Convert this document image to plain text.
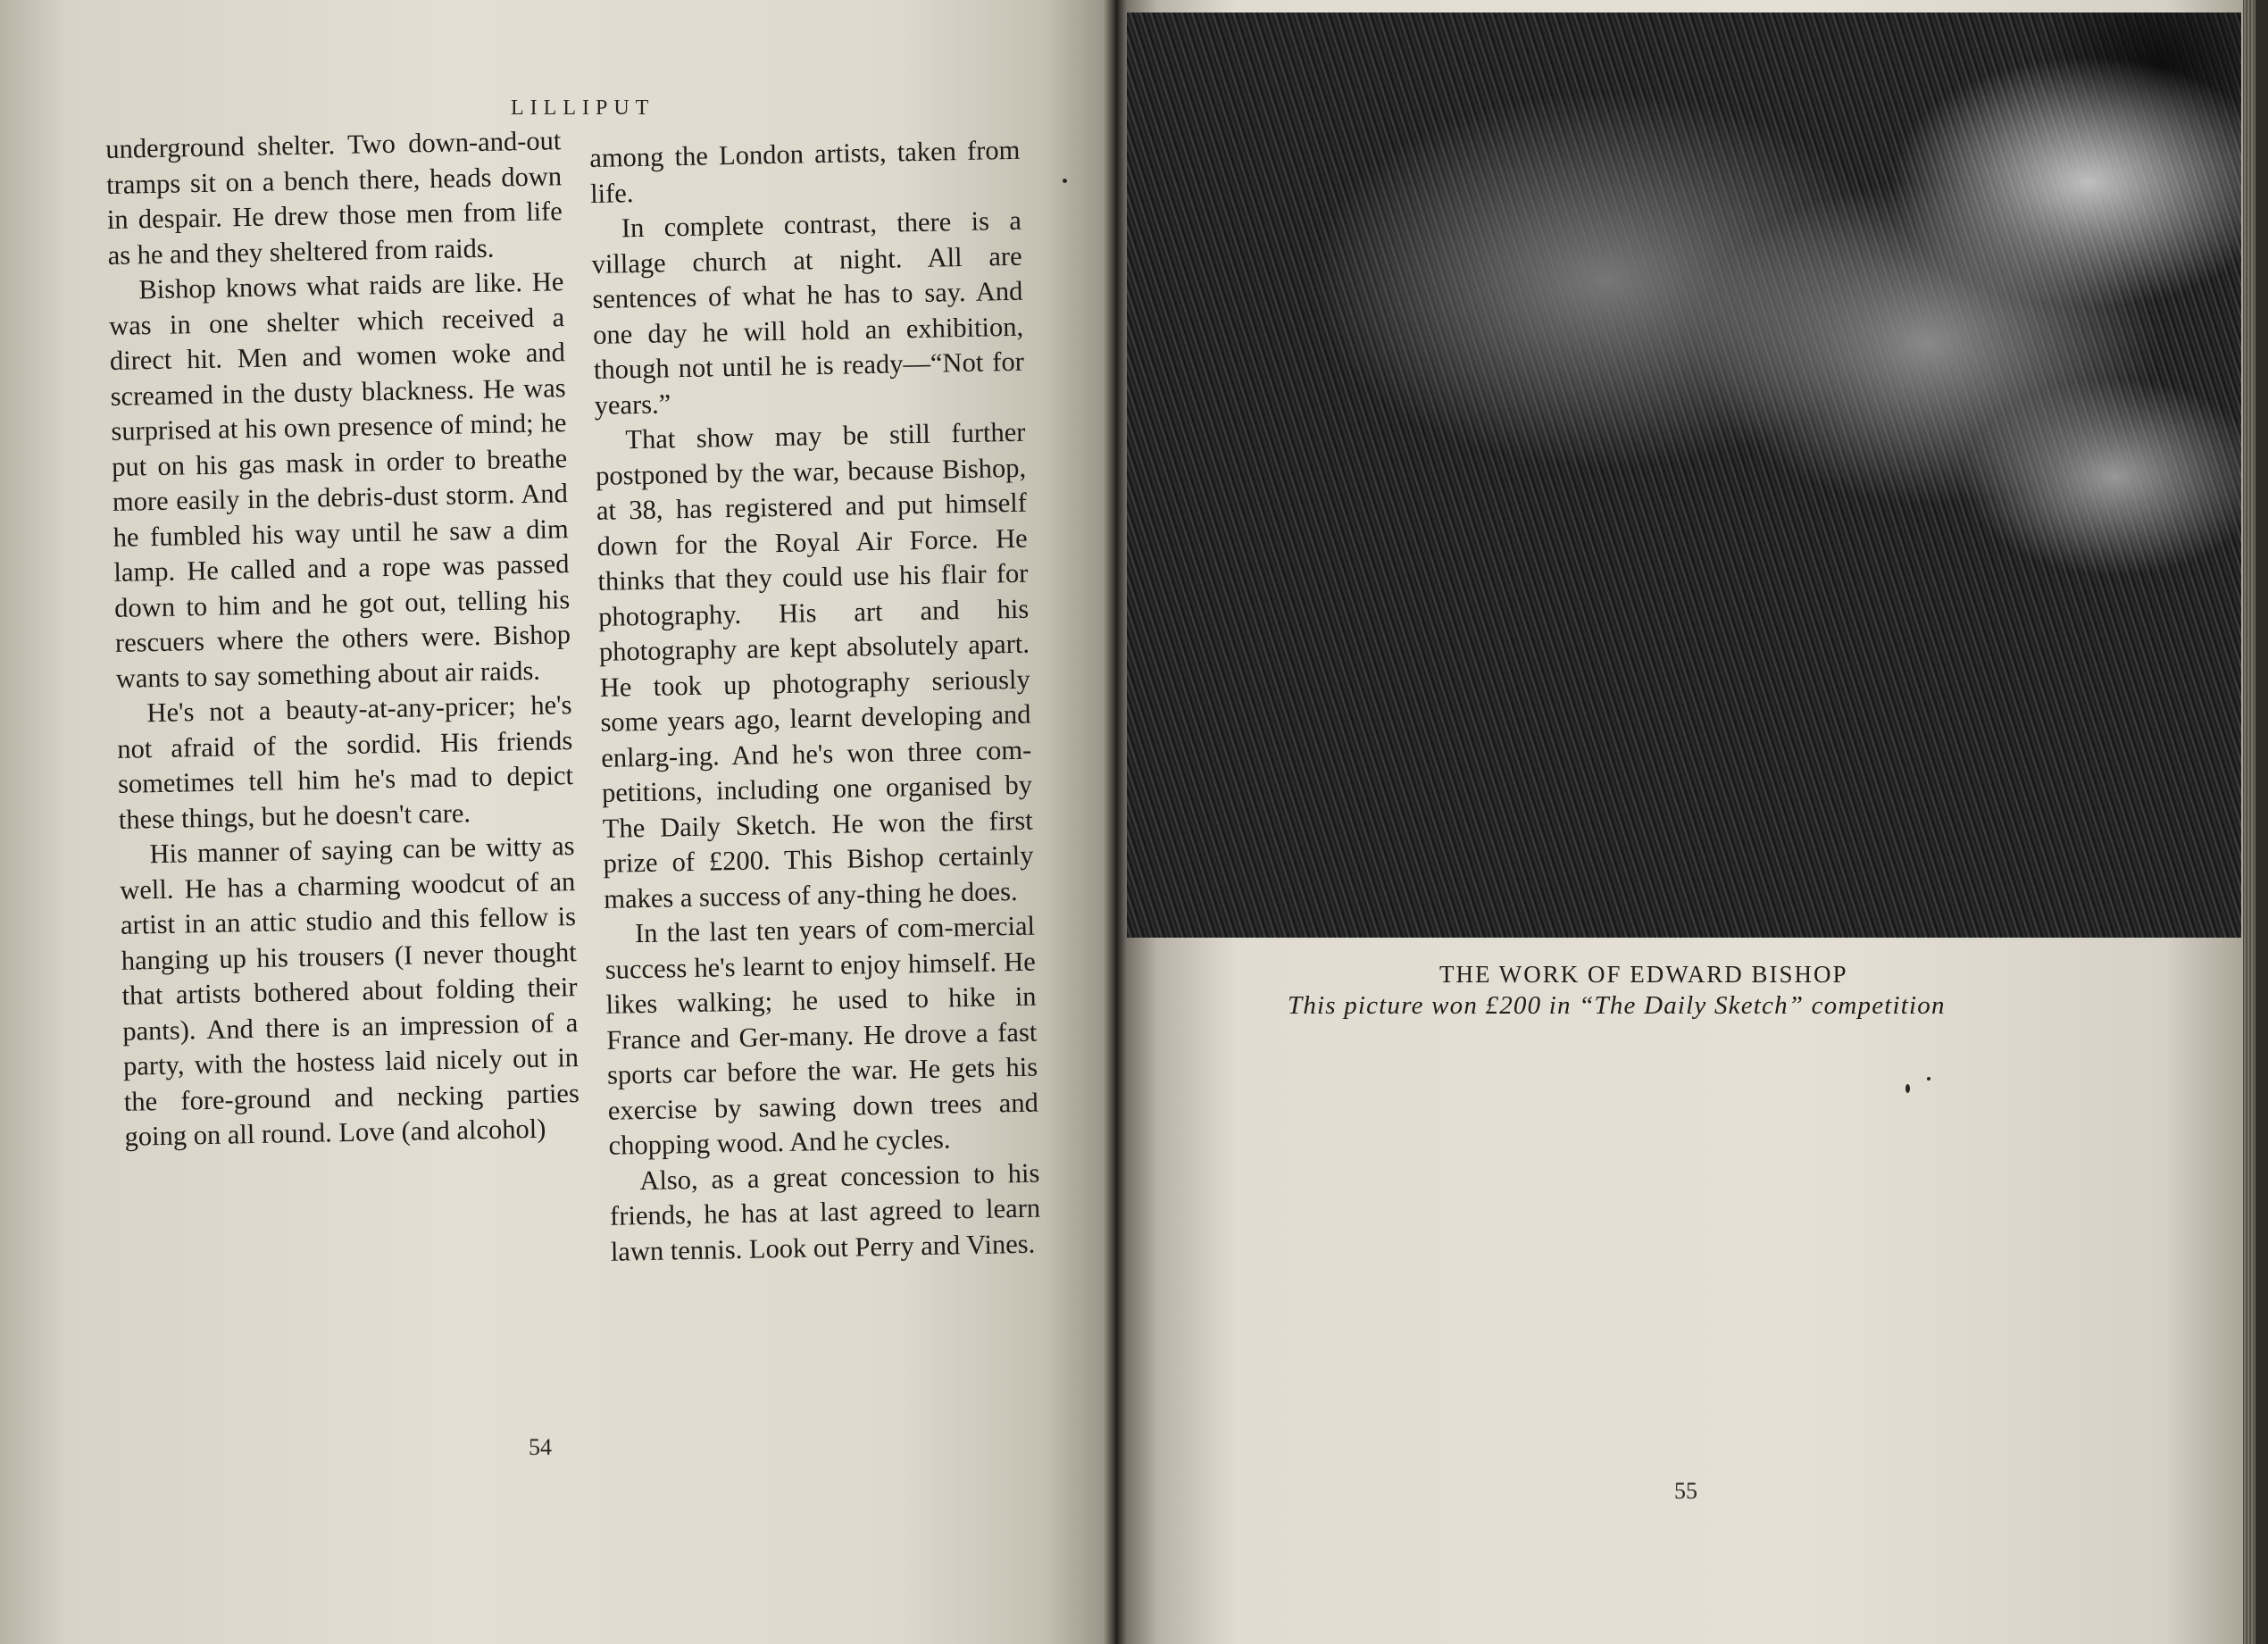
LILLIPUT

underground shelter. Two down-and-out tramps sit on a bench there, heads down in despair. He drew those men from life as he and they sheltered from raids.

Bishop knows what raids are like. He was in one shelter which received a direct hit. Men and women woke and screamed in the dusty blackness. He was surprised at his own presence of mind; he put on his gas mask in order to breathe more easily in the debris-dust storm. And he fumbled his way until he saw a dim lamp. He called and a rope was passed down to him and he got out, telling his rescuers where the others were. Bishop wants to say something about air raids.

He's not a beauty-at-any-pricer; he's not afraid of the sordid. His friends sometimes tell him he's mad to depict these things, but he doesn't care.

His manner of saying can be witty as well. He has a charming woodcut of an artist in an attic studio and this fellow is hanging up his trousers (I never thought that artists bothered about folding their pants). And there is an impression of a party, with the hostess laid nicely out in the fore-ground and necking parties going on all round. Love (and alcohol)

among the London artists, taken from life.

In complete contrast, there is a village church at night. All are sentences of what he has to say. And one day he will hold an exhibition, though not until he is ready—“Not for years.”

That show may be still further postponed by the war, because Bishop, at 38, has registered and put himself down for the Royal Air Force. He thinks that they could use his flair for photography. His art and his photography are kept absolutely apart. He took up photography seriously some years ago, learnt developing and enlarg-ing. And he's won three com-petitions, including one organised by The Daily Sketch. He won the first prize of £200. This Bishop certainly makes a success of any-thing he does.

In the last ten years of com-mercial success he's learnt to enjoy himself. He likes walking; he used to hike in France and Ger-many. He drove a fast sports car before the war. He gets his exercise by sawing down trees and chopping wood. And he cycles.

Also, as a great concession to his friends, he has at last agreed to learn lawn tennis. Look out Perry and Vines.

54
THE WORK OF EDWARD BISHOP
This picture won £200 in “The Daily Sketch” competition
55
